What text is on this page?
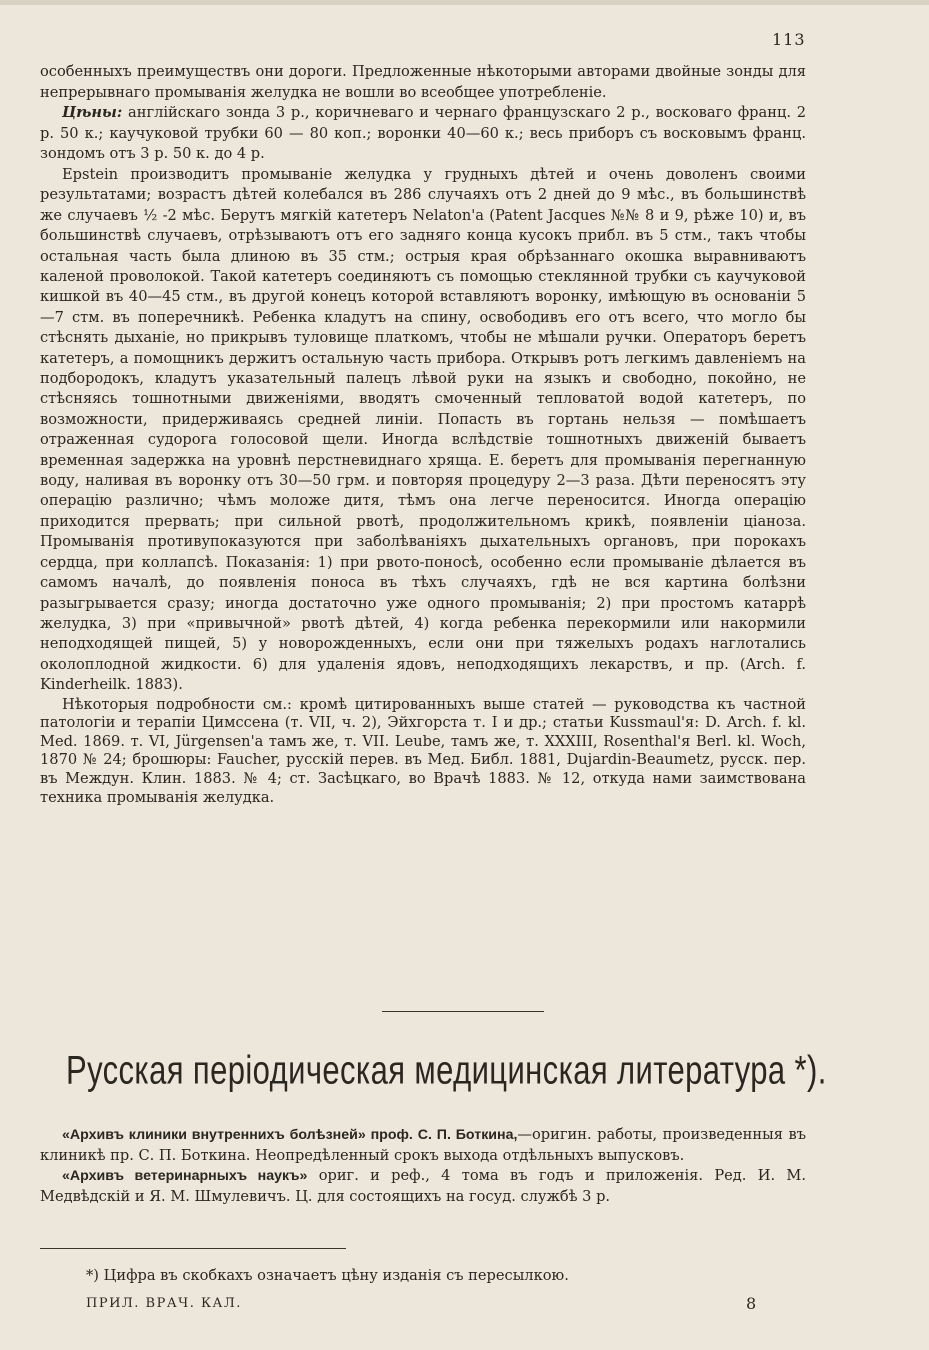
113

особенныхъ преимуществъ они дороги. Предложенные нѣкоторыми авторами двойные зонды для непрерывнаго промыванія желудка не вошли во всеобщее употребленіе.

Цѣны: англійскаго зонда 3 р., коричневаго и чернаго французскаго 2 р., восковаго франц. 2 р. 50 к.; каучуковой трубки 60 — 80 коп.; воронки 40—60 к.; весь приборъ съ восковымъ франц. зондомъ отъ 3 р. 50 к. до 4 р.

Epstein производитъ промываніе желудка у грудныхъ дѣтей и очень доволенъ своими результатами; возрастъ дѣтей колебался въ 286 случаяхъ отъ 2 дней до 9 мѣс., въ большинствѣ же случаевъ ½ -2 мѣс. Берутъ мягкій катетеръ Nelaton'a (Patent Jacques №№ 8 и 9, рѣже 10) и, въ большинствѣ случаевъ, отрѣзываютъ отъ его задняго конца кусокъ прибл. въ 5 стм., такъ чтобы остальная часть была длиною въ 35 стм.; острыя края обрѣзаннаго окошка выравниваютъ каленой проволокой. Такой катетеръ соединяютъ съ помощью стеклянной трубки съ каучуковой кишкой въ 40—45 стм., въ другой конецъ которой вставляютъ воронку, имѣющую въ основаніи 5—7 стм. въ поперечникѣ. Ребенка кладутъ на спину, освободивъ его отъ всего, что могло бы стѣснять дыханіе, но прикрывъ туловище платкомъ, чтобы не мѣшали ручки. Операторъ беретъ катетеръ, а помощникъ держитъ остальную часть прибора. Открывъ ротъ легкимъ давленіемъ на подбородокъ, кладутъ указательный палецъ лѣвой руки на языкъ и свободно, покойно, не стѣсняясь тошнотными движеніями, вводятъ смоченный тепловатой водой катетеръ, по возможности, придерживаясь средней линіи. Попасть въ гортань нельзя — помѣшаетъ отраженная судорога голосовой щели. Иногда вслѣдствіе тошнотныхъ движеній бываетъ временная задержка на уровнѣ перстневиднаго хряща. E. беретъ для промыванія перегнанную воду, наливая въ воронку отъ 30—50 грм. и повторяя процедуру 2—3 раза. Дѣти переносятъ эту операцію различно; чѣмъ моложе дитя, тѣмъ она легче переносится. Иногда операцію приходится прервать; при сильной рвотѣ, продолжительномъ крикѣ, появленіи ціаноза. Промыванія противупоказуются при заболѣваніяхъ дыхательныхъ органовъ, при порокахъ сердца, при коллапсѣ. Показанія: 1) при рвото-поносѣ, особенно если промываніе дѣлается въ самомъ началѣ, до появленія поноса въ тѣхъ случаяхъ, гдѣ не вся картина болѣзни разыгрывается сразу; иногда достаточно уже одного промыванія; 2) при простомъ катаррѣ желудка, 3) при «привычной» рвотѣ дѣтей, 4) когда ребенка перекормили или накормили неподходящей пищей, 5) у новорожденныхъ, если они при тяжелыхъ родахъ наглотались околоплодной жидкости. 6) для удаленія ядовъ, неподходящихъ лекарствъ, и пр. (Arch. f. Kinderheilk. 1883).

Нѣкоторыя подробности см.: кромѣ цитированныхъ выше статей — руководства къ частной патологіи и терапіи Цимссена (т. VII, ч. 2), Эйхгорста т. I и др.; статьи Kussmaul'я: D. Arch. f. kl. Med. 1869. т. VI, Jürgensen'а тамъ же, т. VII. Leube, тамъ же, т. XXXIII, Rosenthal'я Berl. kl. Woch, 1870 № 24; брошюры: Faucher, русскій перев. въ Мед. Библ. 1881, Dujardin-Beaumetz, русск. пер. въ Междун. Клин. 1883. № 4; ст. Засѣцкаго, во Врачѣ 1883. № 12, откуда нами заимствована техника промыванія желудка.

Русская періодическая медицинская литература *).

«Архивъ клиники внутреннихъ болѣзней» проф. С. П. Боткина,—оригин. работы, произведенныя въ клиникѣ пр. С. П. Боткина. Неопредѣленный срокъ выхода отдѣльныхъ выпусковъ.

«Архивъ ветеринарныхъ наукъ» ориг. и реф., 4 тома въ годъ и приложенія. Ред. И. М. Медвѣдскій и Я. М. Шмулевичъ. Ц. для состоящихъ на госуд. службѣ 3 р.

*) Цифра въ скобкахъ означаетъ цѣну изданія съ пересылкою.
ПРИЛ. ВРАЧ. КАЛ.	8
